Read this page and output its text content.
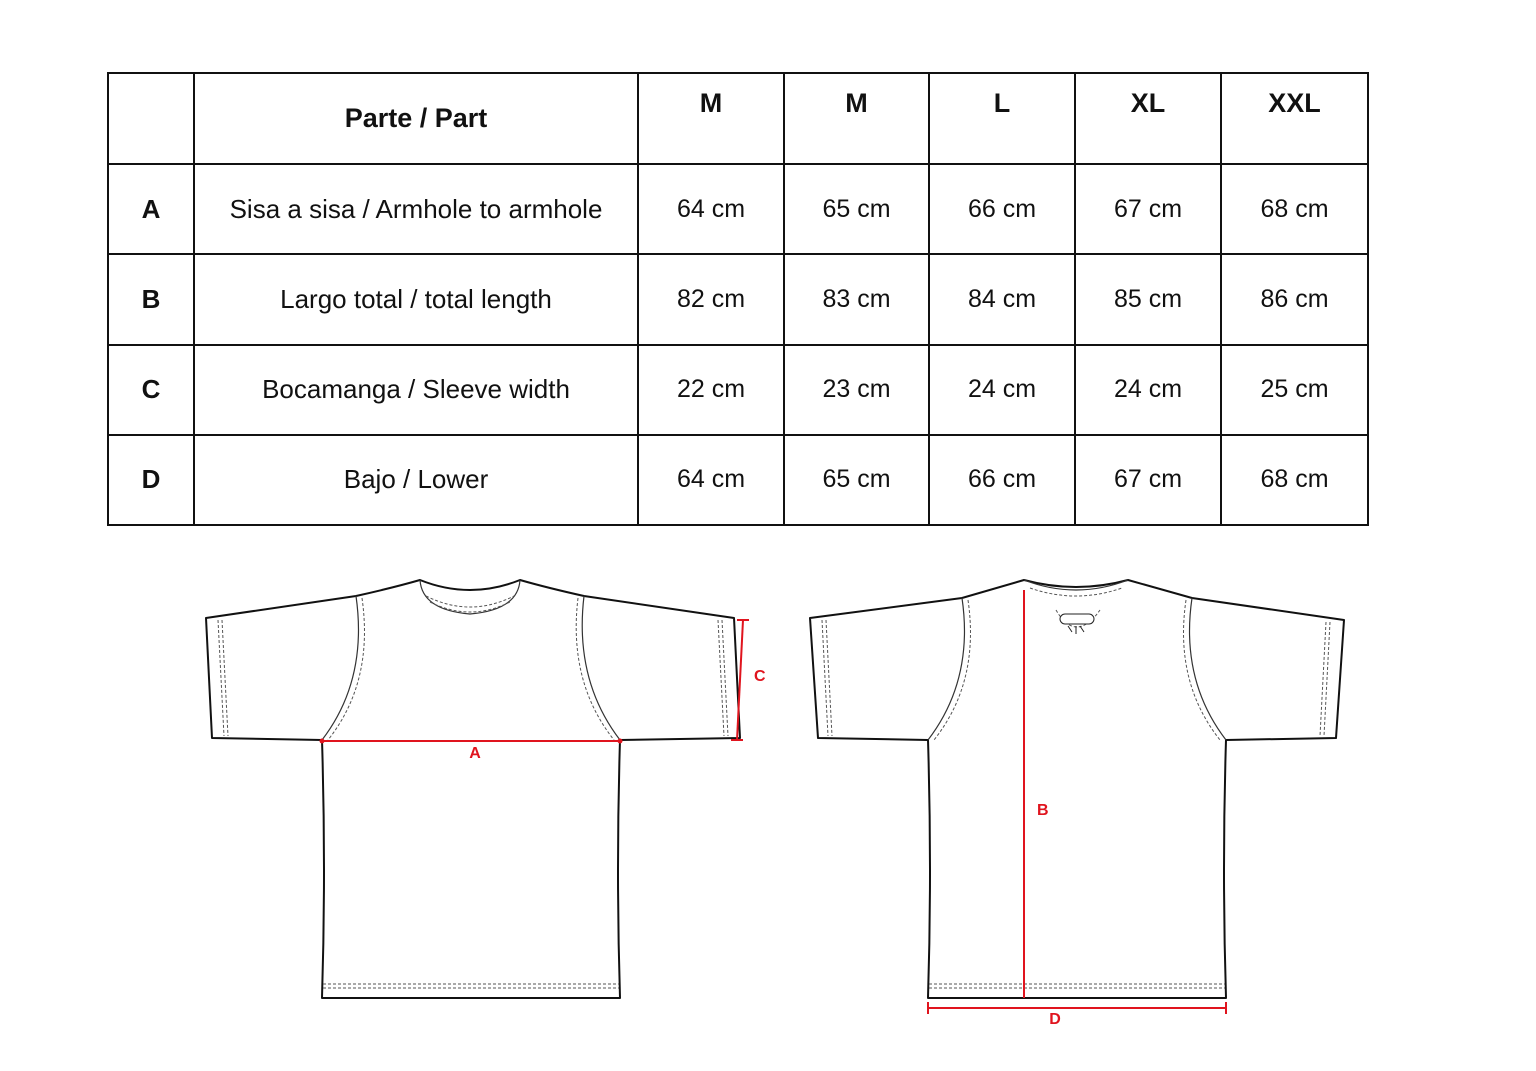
	Parte / Part	M	M	L	XL	XXL
A	Sisa a sisa / Armhole to armhole	64 cm	65 cm	66 cm	67 cm	68 cm
B	Largo total / total length	82 cm	83 cm	84 cm	85 cm	86 cm
C	Bocamanga / Sleeve width	22 cm	23 cm	24 cm	24 cm	25 cm
D	Bajo / Lower	64 cm	65 cm	66 cm	67 cm	68 cm
A
C
B
D
